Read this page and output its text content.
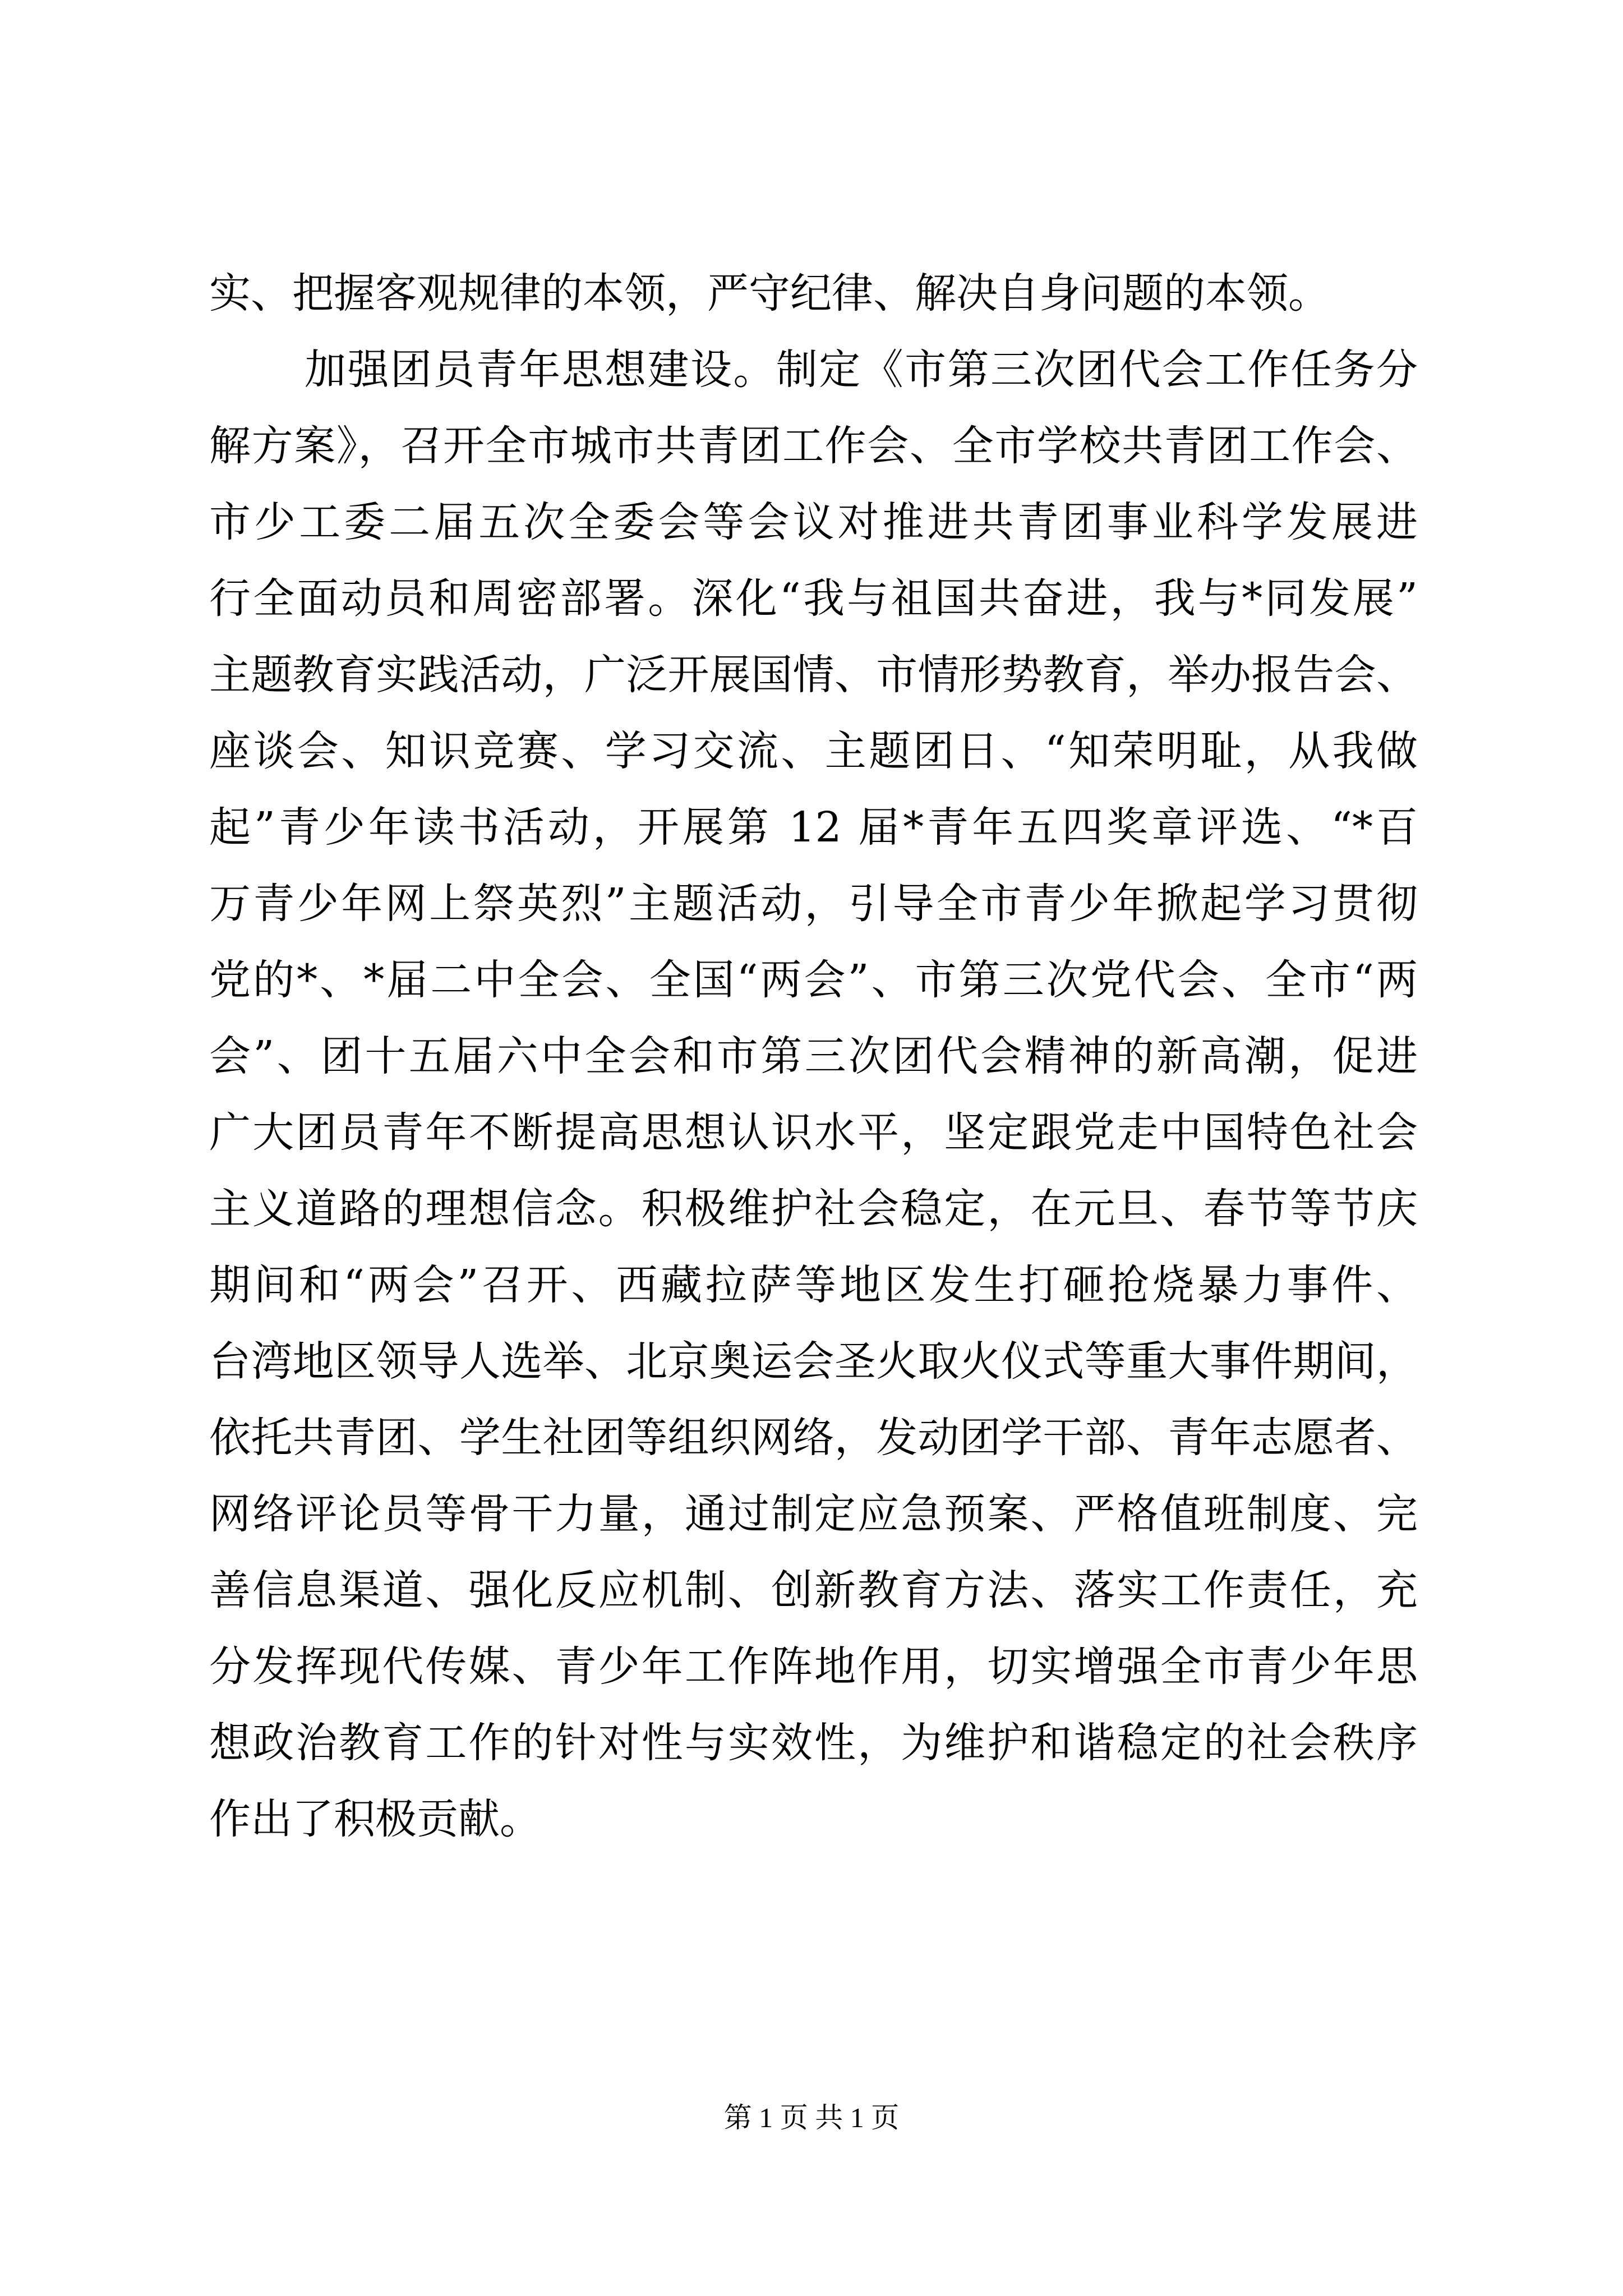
实、把握客观规律的本领，严守纪律、解决自身问题的本领。
加强团员青年思想建设。制定《市第三次团代会工作任务分
解方案》，召开全市城市共青团工作会、全市学校共青团工作会、
市少工委二届五次全委会等会议对推进共青团事业科学发展进
行全面动员和周密部署。深化“我与祖国共奋进，我与*同发展”
主题教育实践活动，广泛开展国情、市情形势教育，举办报告会、
座谈会、知识竞赛、学习交流、主题团日、“知荣明耻，从我做
起”青少年读书活动，开展第 12 届*青年五四奖章评选、“*百
万青少年网上祭英烈”主题活动，引导全市青少年掀起学习贯彻
党的*、*届二中全会、全国“两会”、市第三次党代会、全市“两
会”、团十五届六中全会和市第三次团代会精神的新高潮，促进
广大团员青年不断提高思想认识水平，坚定跟党走中国特色社会
主义道路的理想信念。积极维护社会稳定，在元旦、春节等节庆
期间和“两会”召开、西藏拉萨等地区发生打砸抢烧暴力事件、
台湾地区领导人选举、北京奥运会圣火取火仪式等重大事件期间，
依托共青团、学生社团等组织网络，发动团学干部、青年志愿者、
网络评论员等骨干力量，通过制定应急预案、严格值班制度、完
善信息渠道、强化反应机制、创新教育方法、落实工作责任，充
分发挥现代传媒、青少年工作阵地作用，切实增强全市青少年思
想政治教育工作的针对性与实效性，为维护和谐稳定的社会秩序
作出了积极贡献。
第 1 页 共 1 页
